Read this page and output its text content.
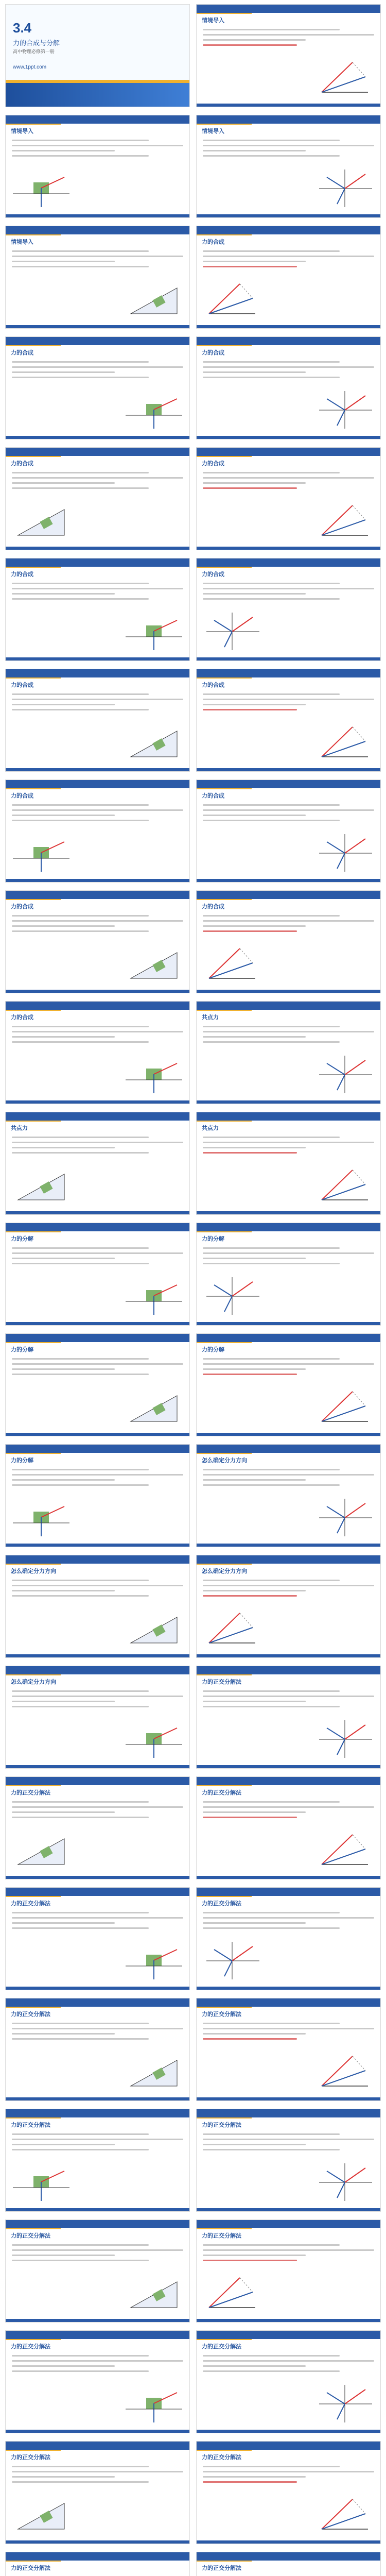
3.4
力的合成与分解
高中物理必修第一册
www.1ppt.com
情境导入
情境导入	情境导入
情境导入	力的合成
力的合成	力的合成
力的合成	力的合成
力的合成	力的合成
力的合成	力的合成
力的合成	力的合成
力的合成	力的合成
力的合成	共点力
共点力	共点力
力的分解	力的分解
力的分解	力的分解
力的分解	怎么确定分力方向
怎么确定分力方向	怎么确定分力方向
怎么确定分力方向	力的正交分解法
力的正交分解法	力的正交分解法
力的正交分解法	力的正交分解法
力的正交分解法	力的正交分解法
力的正交分解法	力的正交分解法
力的正交分解法	力的正交分解法
力的正交分解法	力的正交分解法
力的正交分解法	力的正交分解法
力的正交分解法	力的正交分解法
